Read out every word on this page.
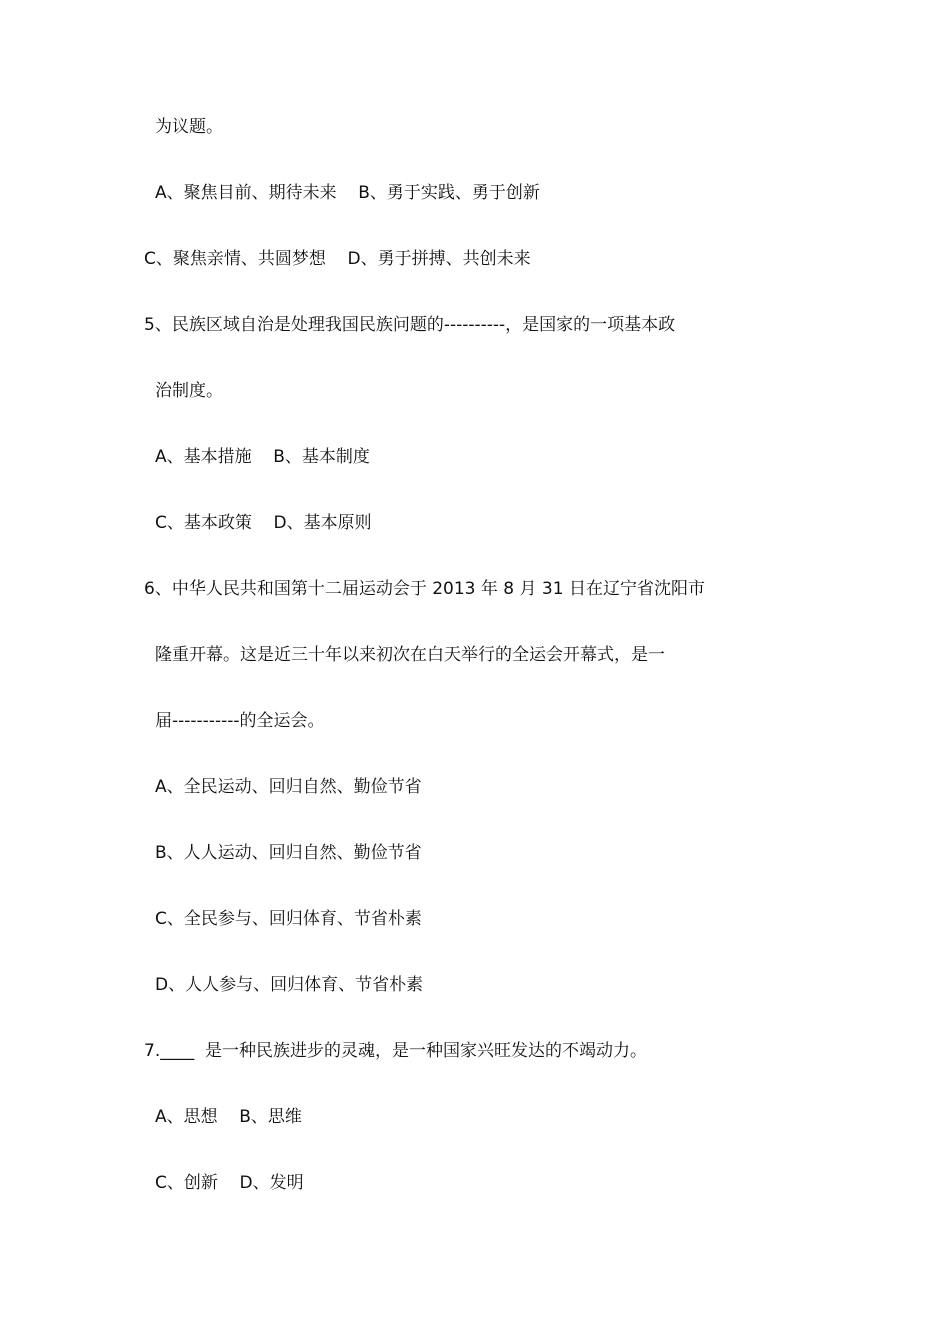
为议题。
A、聚焦目前、期待未来    B、勇于实践、勇于创新
C、聚焦亲情、共圆梦想    D、勇于拼搏、共创未来
5、民族区域自治是处理我国民族问题的----------，是国家的一项基本政
治制度。
A、基本措施    B、基本制度
C、基本政策    D、基本原则
6、中华人民共和国第十二届运动会于 2013 年 8 月 31 日在辽宁省沈阳市
隆重开幕。这是近三十年以来初次在白天举行的全运会开幕式，是一
届-----------的全运会。
A、全民运动、回归自然、勤俭节省
B、人人运动、回归自然、勤俭节省
C、全民参与、回归体育、节省朴素
D、人人参与、回归体育、节省朴素
7.____  是一种民族进步的灵魂，是一种国家兴旺发达的不竭动力。
A、思想    B、思维
C、创新    D、发明
